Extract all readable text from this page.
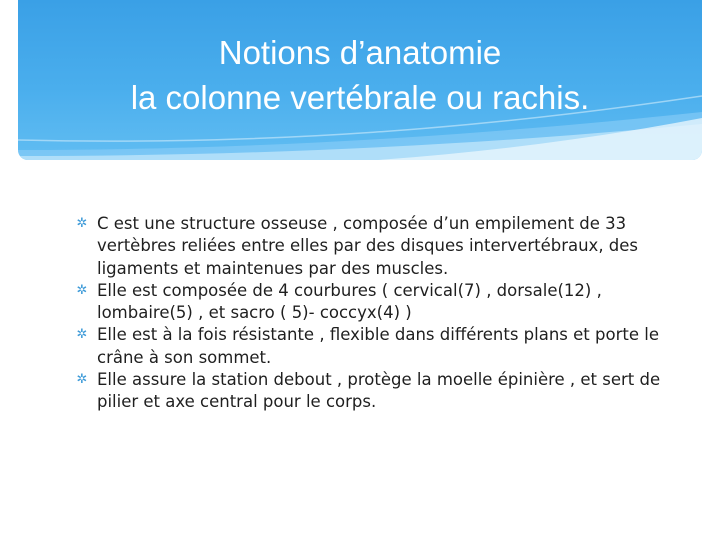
Notions d’anatomie
la colonne vertébrale ou rachis.
✲ C est une structure osseuse , composée d’un empilement de 33 vertèbres reliées entre elles par des disques intervertébraux, des ligaments et maintenues par des muscles.
✲ Elle est composée de 4 courbures ( cervical(7) , dorsale(12) , lombaire(5) , et sacro ( 5)- coccyx(4) )
✲ Elle est à la fois résistante , flexible dans différents plans et porte le crâne à son sommet.
✲ Elle assure la station debout , protège la moelle épinière , et sert de pilier et axe central pour le corps.
